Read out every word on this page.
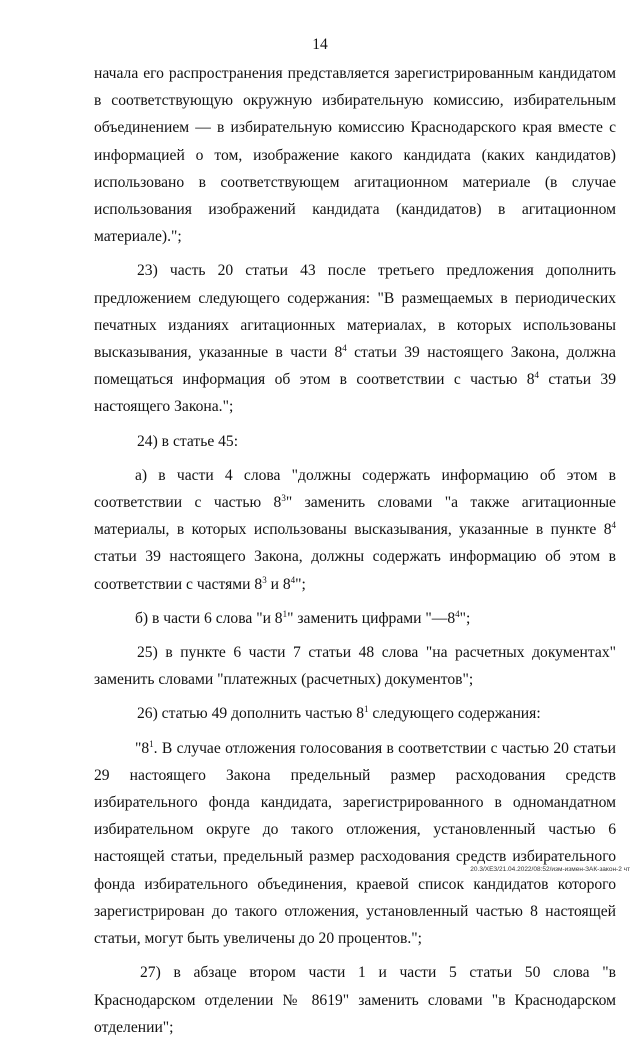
14

начала его распространения представляется зарегистрированным кандидатом в соответствующую окружную избирательную комиссию, избирательным объединением — в избирательную комиссию Краснодарского края вместе с информацией о том, изображение какого кандидата (каких кандидатов) использовано в соответствующем агитационном материале (в случае использования изображений кандидата (кандидатов) в агитационном материале).";

23) часть 20 статьи 43 после третьего предложения дополнить предложением следующего содержания: "В размещаемых в периодических печатных изданиях агитационных материалах, в которых использованы высказывания, указанные в части $8^4$ статьи 39 настоящего Закона, должна помещаться информация об этом в соответствии с частью $8^4$ статьи 39 настоящего Закона.";

24) в статье 45:

а) в части 4 слова "должны содержать информацию об этом в соответствии с частью $8^3$" заменить словами "а также агитационные материалы, в которых использованы высказывания, указанные в пункте $8^4$ статьи 39 настоящего Закона, должны содержать информацию об этом в соответствии с частями $8^3$ и $8^4$";

б) в части 6 слова "и $8^1$" заменить цифрами "$—8^4$";

25) в пункте 6 части 7 статьи 48 слова "на расчетных документах" заменить словами "платежных (расчетных) документов";

26) статью 49 дополнить частью $8^1$ следующего содержания:

"$8^1$. В случае отложения голосования в соответствии с частью 20 статьи 29 настоящего Закона предельный размер расходования средств избирательного фонда кандидата, зарегистрированного в одномандатном избирательном округе до такого отложения, установленный частью 6 настоящей статьи, предельный размер расходования средств избирательного фонда избирательного объединения, краевой список кандидатов которого зарегистрирован до такого отложения, установленный частью 8 настоящей статьи, могут быть увеличены до 20 процентов.";

27) в абзаце втором части 1 и части 5 статьи 50 слова "в Краснодарском отделении № 8619" заменить словами "в Краснодарском отделении";

20.3/ХЕЗ/21.04.2022/08:52/изм-измен-ЗАК-закон-2 чт
